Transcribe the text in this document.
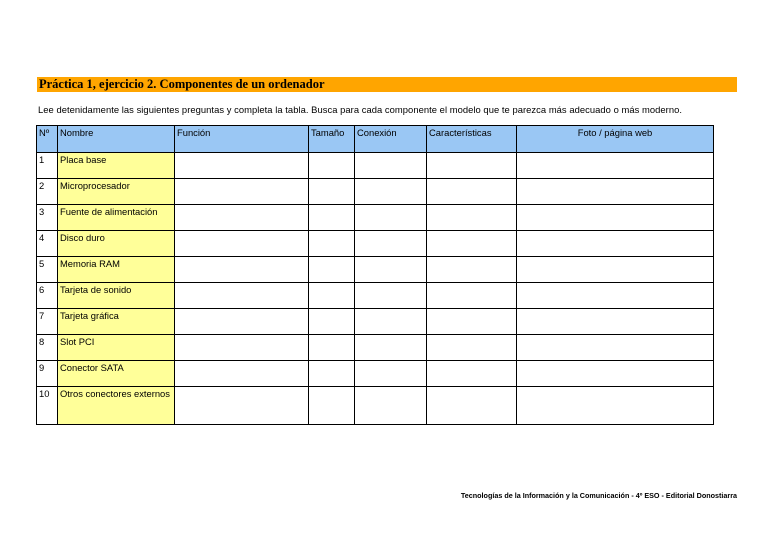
Práctica 1, ejercicio 2. Componentes de un ordenador
Lee detenidamente las siguientes preguntas y completa la tabla. Busca para cada componente el modelo que te parezca más adecuado o más moderno.
Nº	Nombre	Función	Tamaño	Conexión	Características	Foto / página web
1	Placa base					
2	Microprocesador					
3	Fuente de alimentación					
4	Disco duro					
5	Memoria RAM					
6	Tarjeta de sonido					
7	Tarjeta gráfica					
8	Slot PCI					
9	Conector SATA					
10	Otros conectores externos					
Tecnologías de la Información y la Comunicación - 4º ESO - Editorial Donostiarra
